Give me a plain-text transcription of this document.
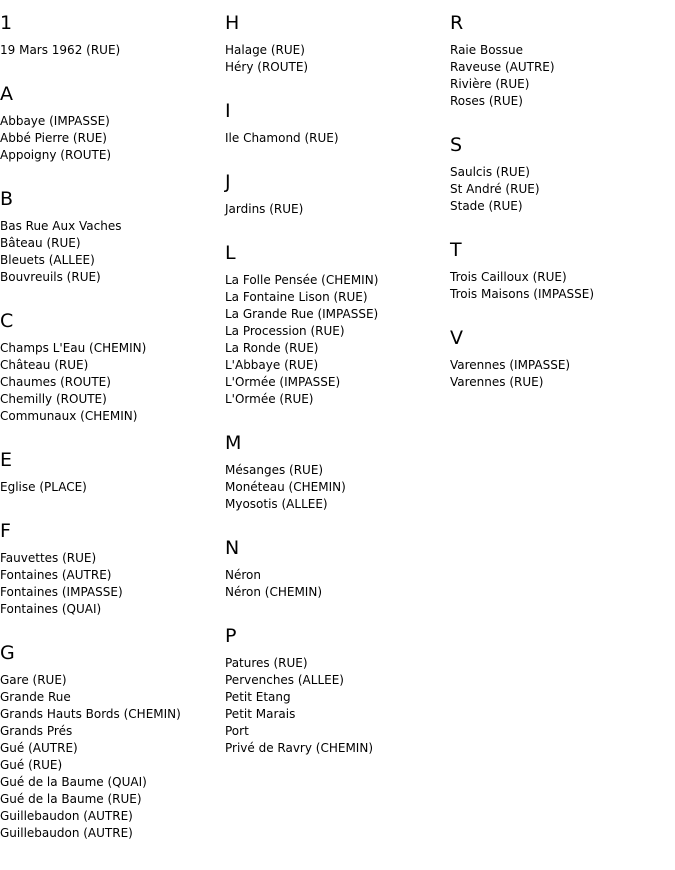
1
19 Mars 1962 (RUE)
A
Abbaye (IMPASSE)
Abbé Pierre (RUE)
Appoigny (ROUTE)
B
Bas Rue Aux Vaches
Bâteau (RUE)
Bleuets (ALLEE)
Bouvreuils (RUE)
C
Champs L'Eau (CHEMIN)
Château (RUE)
Chaumes (ROUTE)
Chemilly (ROUTE)
Communaux (CHEMIN)
E
Eglise (PLACE)
F
Fauvettes (RUE)
Fontaines (AUTRE)
Fontaines (IMPASSE)
Fontaines (QUAI)
G
Gare (RUE)
Grande Rue
Grands Hauts Bords (CHEMIN)
Grands Prés
Gué (AUTRE)
Gué (RUE)
Gué de la Baume (QUAI)
Gué de la Baume (RUE)
Guillebaudon (AUTRE)
Guillebaudon (AUTRE)
H
Halage (RUE)
Héry (ROUTE)
I
Ile Chamond (RUE)
J
Jardins (RUE)
L
La Folle Pensée (CHEMIN)
La Fontaine Lison (RUE)
La Grande Rue (IMPASSE)
La Procession (RUE)
La Ronde (RUE)
L'Abbaye (RUE)
L'Ormée (IMPASSE)
L'Ormée (RUE)
M
Mésanges (RUE)
Monéteau (CHEMIN)
Myosotis (ALLEE)
N
Néron
Néron (CHEMIN)
P
Patures (RUE)
Pervenches (ALLEE)
Petit Etang
Petit Marais
Port
Privé de Ravry (CHEMIN)
R
Raie Bossue
Raveuse (AUTRE)
Rivière (RUE)
Roses (RUE)
S
Saulcis (RUE)
St André (RUE)
Stade (RUE)
T
Trois Cailloux (RUE)
Trois Maisons (IMPASSE)
V
Varennes (IMPASSE)
Varennes (RUE)
